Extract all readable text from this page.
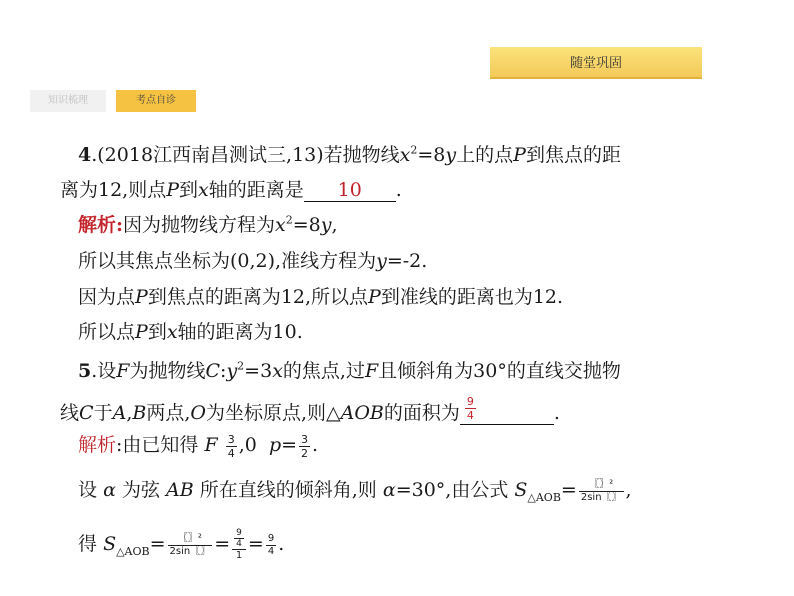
随堂巩固
知识梳理	考点自诊
4.(2018江西南昌测试三,13)若抛物线$x^2=8y$上的点P到焦点的距
离为12,则点P到x轴的距离是 10 .
解析:因为抛物线方程为$x^2=8y$,
所以其焦点坐标为(0,2),准线方程为y=-2.
因为点P到焦点的距离为12,所以点P到准线的距离也为12.
所以点P到x轴的距离为10.
5.设F为抛物线$C:y^2=3x$的焦点,过F且倾斜角为30°的直线交抛物
线C于A,B两点,O为坐标原点,则△AOB的面积为 $\frac{9}{4}$	.
解析:由已知得 F $\frac{3}{4} ,0$ $p= \frac{3}{2}$ .
设 α 为弦 AB 所在直线的倾斜角,则 α=30°,由公式 $S_{\triangle AOB}= \frac{\text{〖〗²}}{2\sin〖〗}$ ,
得 $S_{\triangle AOB}= \frac{\text{〖〗²}}{2\sin〖〗} = \frac{\frac{9}{4}}{1} = \frac{9}{4}$ .
